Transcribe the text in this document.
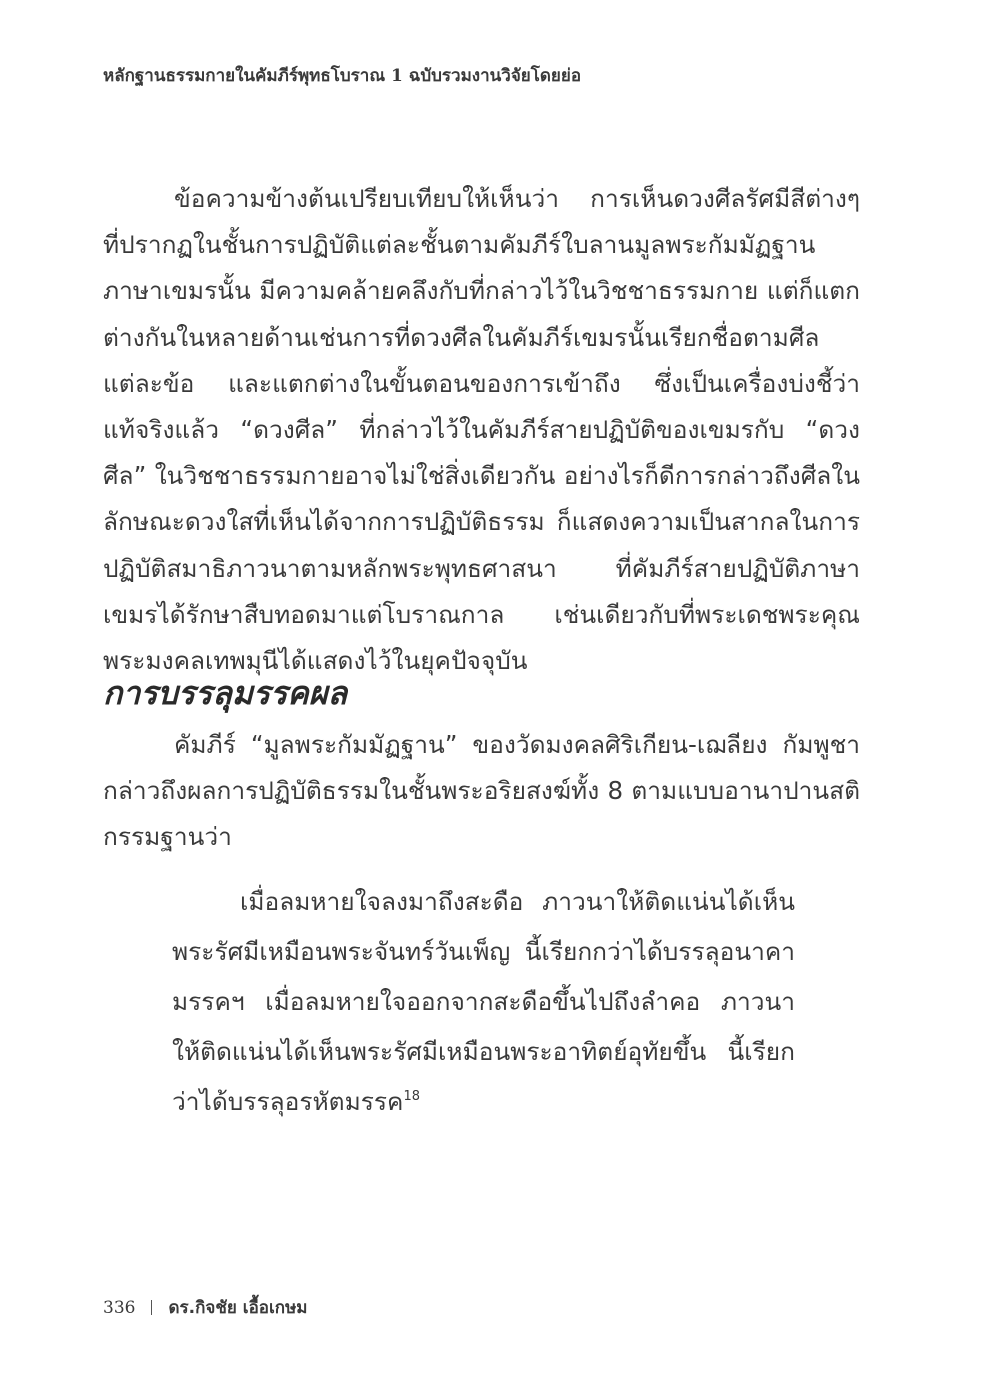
หลักฐานธรรมกายในคัมภีร์พุทธโบราณ 1 ฉบับรวมงานวิจัยโดยย่อ

ข้อความข้างต้นเปรียบเทียบให้เห็นว่า การเห็นดวงศีลรัศมีสีต่างๆ ที่ปรากฏในชั้นการปฏิบัติแต่ละชั้นตามคัมภีร์ใบลานมูลพระกัมมัฏฐานภาษาเขมรนั้น มีความคล้ายคลึงกับที่กล่าวไว้ในวิชชาธรรมกาย แต่ก็แตกต่างกันในหลายด้านเช่นการที่ดวงศีลในคัมภีร์เขมรนั้นเรียกชื่อตามศีลแต่ละข้อ และแตกต่างในขั้นตอนของการเข้าถึง ซึ่งเป็นเครื่องบ่งชี้ว่า แท้จริงแล้ว “ดวงศีล” ที่กล่าวไว้ในคัมภีร์สายปฏิบัติของเขมรกับ “ดวงศีล” ในวิชชาธรรมกายอาจไม่ใช่สิ่งเดียวกัน อย่างไรก็ดีการกล่าวถึงศีลในลักษณะดวงใสที่เห็นได้จากการปฏิบัติธรรม ก็แสดงความเป็นสากลในการปฏิบัติสมาธิภาวนาตามหลักพระพุทธศาสนา ที่คัมภีร์สายปฏิบัติภาษาเขมรได้รักษาสืบทอดมาแต่โบราณกาล เช่นเดียวกับที่พระเดชพระคุณพระมงคลเทพมุนีได้แสดงไว้ในยุคปัจจุบัน

การบรรลุมรรคผล

คัมภีร์ “มูลพระกัมมัฏฐาน” ของวัดมงคลศิริเกียน-เฌลียง กัมพูชา กล่าวถึงผลการปฏิบัติธรรมในชั้นพระอริยสงฆ์ทั้ง 8 ตามแบบอานาปานสติกรรมฐานว่า

เมื่อลมหายใจลงมาถึงสะดือ ภาวนาให้ติดแน่นได้เห็นพระรัศมีเหมือนพระจันทร์วันเพ็ญ นี้เรียกกว่าได้บรรลุอนาคามรรคฯ เมื่อลมหายใจออกจากสะดือขึ้นไปถึงลำคอ ภาวนาให้ติดแน่นได้เห็นพระรัศมีเหมือนพระอาทิตย์อุทัยขึ้น นี้เรียกว่าได้บรรลุอรหัตมรรค$^{18}$

336 ดร.กิจชัย เอื้อเกษม
